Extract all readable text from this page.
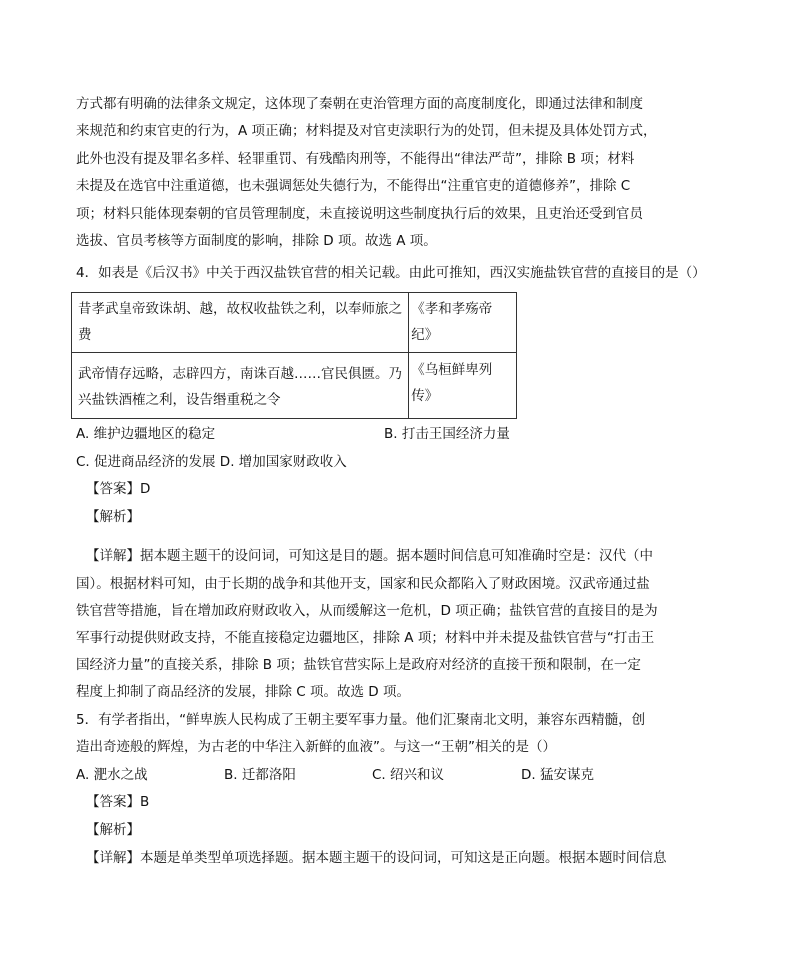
方式都有明确的法律条文规定，这体现了秦朝在吏治管理方面的高度制度化，即通过法律和制度
来规范和约束官吏的行为，A 项正确；材料提及对官吏渎职行为的处罚，但未提及具体处罚方式，
此外也没有提及罪名多样、轻罪重罚、有残酷肉刑等，不能得出“律法严苛”，排除 B 项；材料
未提及在选官中注重道德，也未强调惩处失德行为，不能得出“注重官吏的道德修养”，排除 C
项；材料只能体现秦朝的官员管理制度，未直接说明这些制度执行后的效果，且吏治还受到官员
选拔、官员考核等方面制度的影响，排除 D 项。故选 A 项。
4．如表是《后汉书》中关于西汉盐铁官营的相关记载。由此可推知，西汉实施盐铁官营的直接目的是（）
昔孝武皇帝致诛胡、越，故权收盐铁之利，以奉师旅之费	《孝和孝殇帝纪》

武帝情存远略，志辟四方，南诛百越……官民俱匮。乃兴盐铁酒榷之利，设告缗重税之令	《乌桓鲜卑列传》
A. 维护边疆地区的稳定	B. 打击王国经济力量
C. 促进商品经济的发展 D. 增加国家财政收入
【答案】D
【解析】
【详解】据本题主题干的设问词，可知这是目的题。据本题时间信息可知准确时空是：汉代（中
国）。根据材料可知，由于长期的战争和其他开支，国家和民众都陷入了财政困境。汉武帝通过盐
铁官营等措施，旨在增加政府财政收入，从而缓解这一危机，D 项正确；盐铁官营的直接目的是为
军事行动提供财政支持，不能直接稳定边疆地区，排除 A 项；材料中并未提及盐铁官营与“打击王
国经济力量”的直接关系，排除 B 项；盐铁官营实际上是政府对经济的直接干预和限制，在一定
程度上抑制了商品经济的发展，排除 C 项。故选 D 项。
5．有学者指出，“鲜卑族人民构成了王朝主要军事力量。他们汇聚南北文明，兼容东西精髓，创
造出奇迹般的辉煌，为古老的中华注入新鲜的血液”。与这一“王朝”相关的是（）
A. 淝水之战	B. 迁都洛阳	C. 绍兴和议	D. 猛安谋克
【答案】B
【解析】
【详解】本题是单类型单项选择题。据本题主题干的设问词，可知这是正向题。根据本题时间信息
